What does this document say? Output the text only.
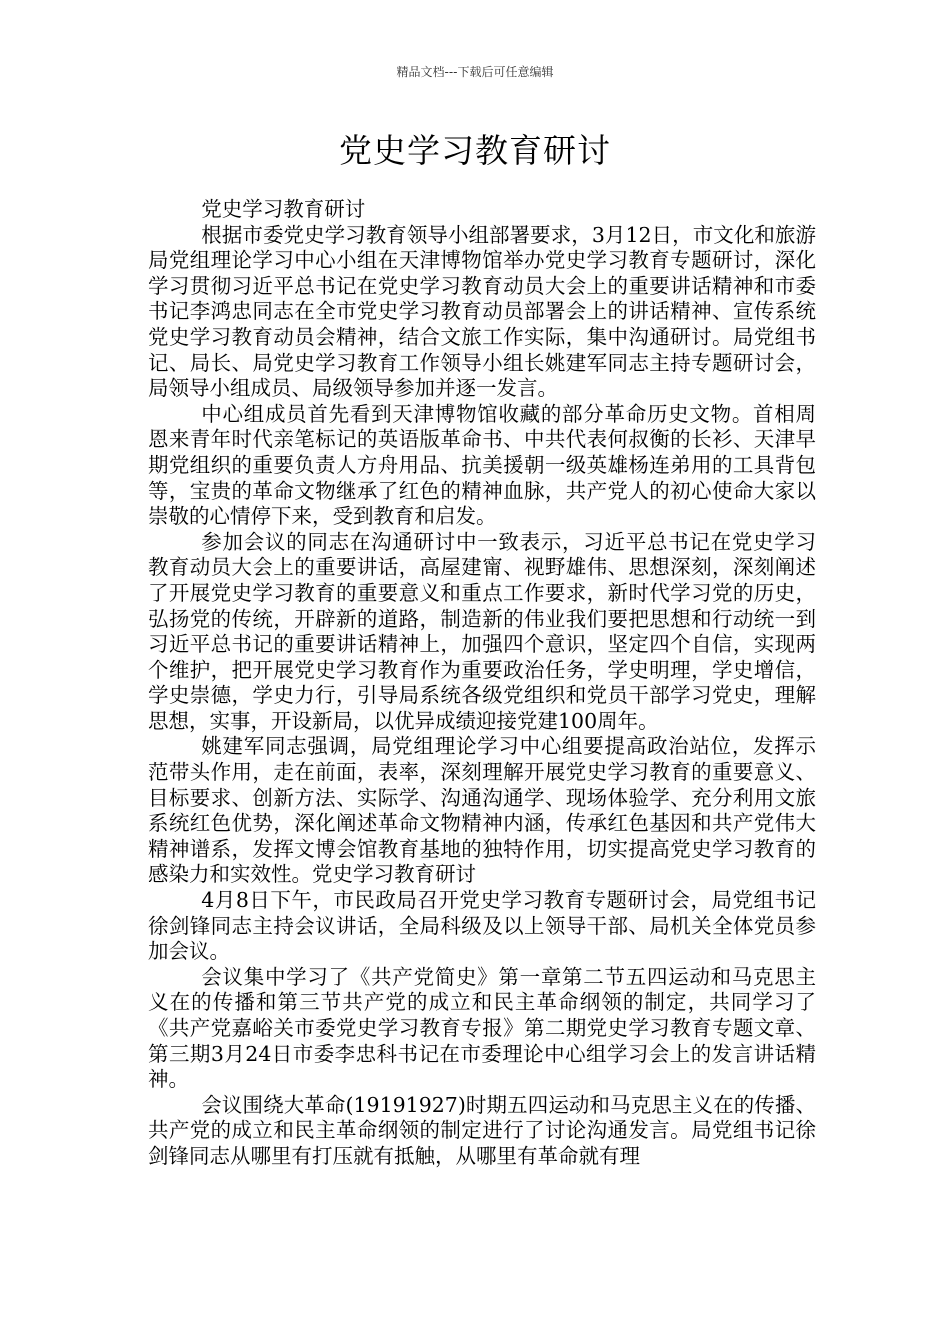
精品文档---下载后可任意编辑
党史学习教育研讨

党史学习教育研讨

根据市委党史学习教育领导小组部署要求，3月12日，市文化和旅游局党组理论学习中心小组在天津博物馆举办党史学习教育专题研讨，深化学习贯彻习近平总书记在党史学习教育动员大会上的重要讲话精神和市委书记李鸿忠同志在全市党史学习教育动员部署会上的讲话精神、宣传系统党史学习教育动员会精神，结合文旅工作实际，集中沟通研讨。局党组书记、局长、局党史学习教育工作领导小组长姚建军同志主持专题研讨会，局领导小组成员、局级领导参加并逐一发言。

中心组成员首先看到天津博物馆收藏的部分革命历史文物。首相周恩来青年时代亲笔标记的英语版革命书、中共代表何叔衡的长衫、天津早期党组织的重要负责人方舟用品、抗美援朝一级英雄杨连弟用的工具背包等，宝贵的革命文物继承了红色的精神血脉，共产党人的初心使命大家以崇敬的心情停下来，受到教育和启发。

参加会议的同志在沟通研讨中一致表示，习近平总书记在党史学习教育动员大会上的重要讲话，高屋建甯、视野雄伟、思想深刻，深刻阐述了开展党史学习教育的重要意义和重点工作要求，新时代学习党的历史，弘扬党的传统，开辟新的道路，制造新的伟业我们要把思想和行动统一到习近平总书记的重要讲话精神上，加强四个意识，坚定四个自信，实现两个维护，把开展党史学习教育作为重要政治任务，学史明理，学史增信，学史崇德，学史力行，引导局系统各级党组织和党员干部学习党史，理解思想，实事，开设新局，以优异成绩迎接党建100周年。

姚建军同志强调，局党组理论学习中心组要提高政治站位，发挥示范带头作用，走在前面，表率，深刻理解开展党史学习教育的重要意义、目标要求、创新方法、实际学、沟通沟通学、现场体验学、充分利用文旅系统红色优势，深化阐述革命文物精神内涵，传承红色基因和共产党伟大精神谱系，发挥文博会馆教育基地的独特作用，切实提高党史学习教育的感染力和实效性。党史学习教育研讨

4月8日下午，市民政局召开党史学习教育专题研讨会，局党组书记徐剑锋同志主持会议讲话，全局科级及以上领导干部、局机关全体党员参加会议。

会议集中学习了《共产党简史》第一章第二节五四运动和马克思主义在的传播和第三节共产党的成立和民主革命纲领的制定，共同学习了《共产党嘉峪关市委党史学习教育专报》第二期党史学习教育专题文章、第三期3月24日市委李忠科书记在市委理论中心组学习会上的发言讲话精神。

会议围绕大革命(19191927)时期五四运动和马克思主义在的传播、共产党的成立和民主革命纲领的制定进行了讨论沟通发言。局党组书记徐剑锋同志从哪里有打压就有抵触，从哪里有革命就有理
